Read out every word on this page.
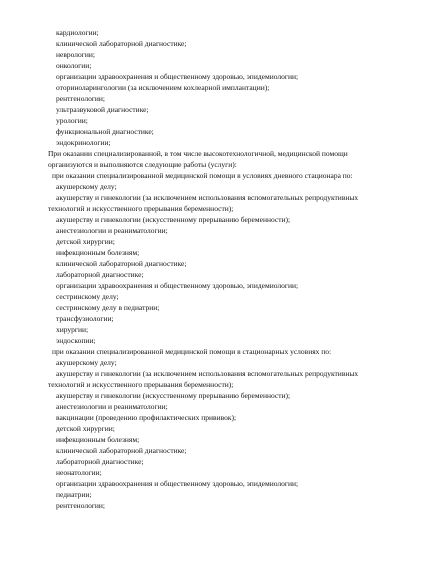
кардиологии;
клинической лабораторной диагностике;
неврологии;
онкологии;
организации здравоохранения и общественному здоровью, эпидемиологии;
оториноларингологии (за исключением кохлеарной имплантации);
рентгенологии;
ультразвуковой диагностике;
урологии;
функциональной диагностике;
эндокринологии;
При оказании специализированной, в том числе высокотехнологичной, медицинской помощи
организуются и выполняются следующие работы (услуги):
при оказании специализированной медицинской помощи в условиях дневного стационара по:
акушерскому делу;
акушерству и гинекологии (за исключением использования вспомогательных репродуктивных
технологий и искусственного прерывания беременности);
акушерству и гинекологии (искусственному прерыванию беременности);
анестезиологии и реаниматологии;
детской хирургии;
инфекционным болезням;
клинической лабораторной диагностике;
лабораторной диагностике;
организации здравоохранения и общественному здоровью, эпидемиологии;
сестринскому делу;
сестринскому делу в педиатрии;
трансфузиологии;
хирургии;
эндоскопии;
при оказании специализированной медицинской помощи в стационарных условиях по:
акушерскому делу;
акушерству и гинекологии (за исключением использования вспомогательных репродуктивных
технологий и искусственного прерывания беременности);
акушерству и гинекологии (искусственному прерыванию беременности);
анестезиологии и реаниматологии;
вакцинации (проведению профилактических прививок);
детской хирургии;
инфекционным болезням;
клинической лабораторной диагностике;
лабораторной диагностике;
неонатологии;
организации здравоохранения и общественному здоровью, эпидемиологии;
педиатрии;
рентгенологии;
